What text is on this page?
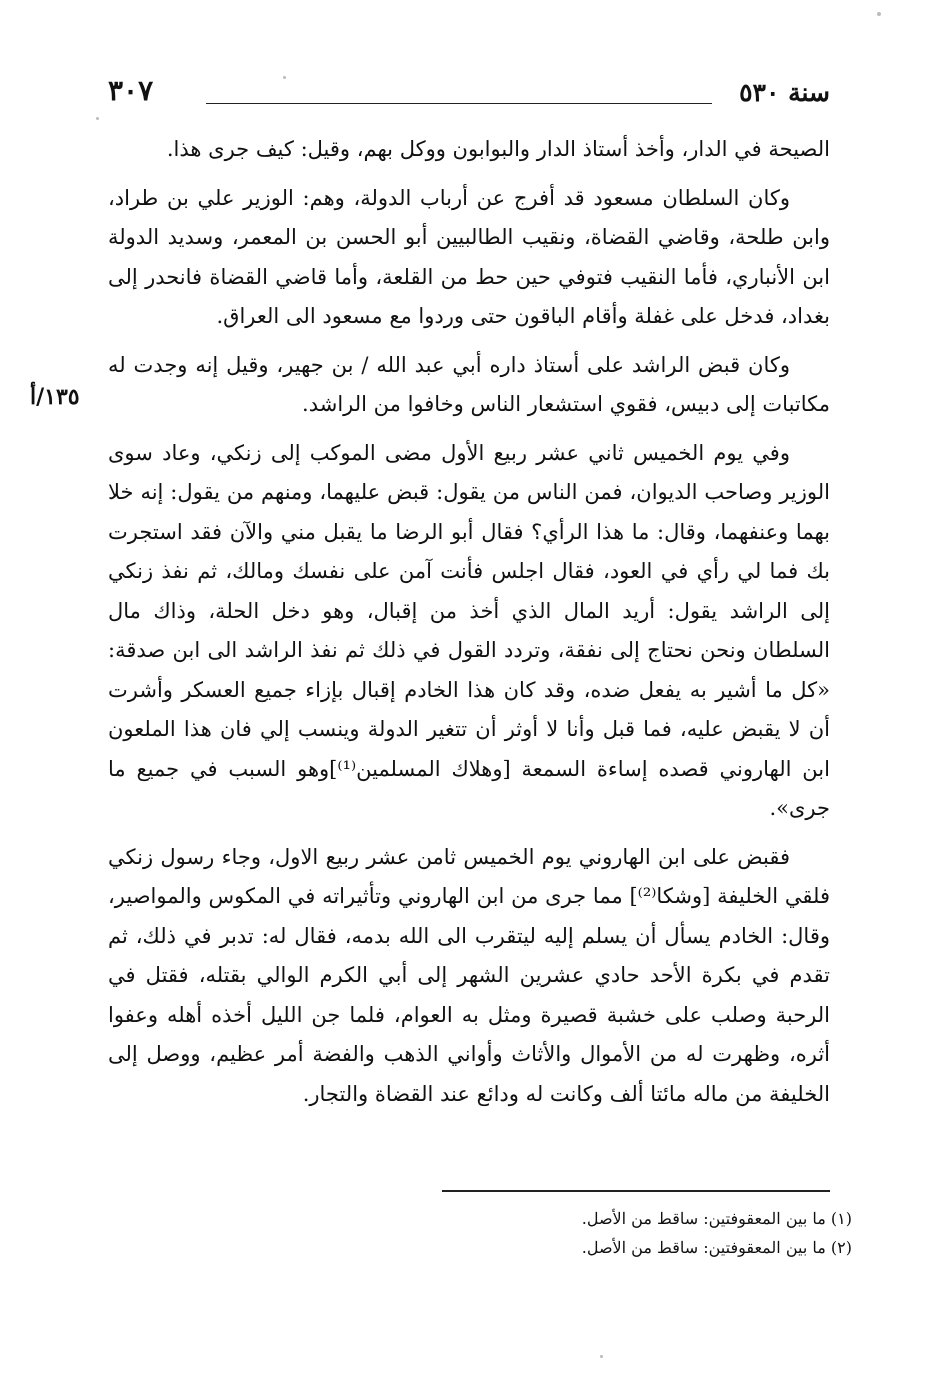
سنة ٥٣٠
٣٠٧
١٣٥/أ

الصيحة في الدار، وأخذ أستاذ الدار والبوابون ووكل بهم، وقيل: كيف جرى هذا.

وكان السلطان مسعود قد أفرج عن أرباب الدولة، وهم: الوزير علي بن طراد، وابن طلحة، وقاضي القضاة، ونقيب الطالبيين أبو الحسن بن المعمر، وسديد الدولة ابن الأنباري، فأما النقيب فتوفي حين حط من القلعة، وأما قاضي القضاة فانحدر إلى بغداد، فدخل على غفلة وأقام الباقون حتى وردوا مع مسعود الى العراق.

وكان قبض الراشد على أستاذ داره أبي عبد الله / بن جهير، وقيل إنه وجدت له مكاتبات إلى دبيس، فقوي استشعار الناس وخافوا من الراشد.

وفي يوم الخميس ثاني عشر ربيع الأول مضى الموكب إلى زنكي، وعاد سوى الوزير وصاحب الديوان، فمن الناس من يقول: قبض عليهما، ومنهم من يقول: إنه خلا بهما وعنفهما، وقال: ما هذا الرأي؟ فقال أبو الرضا ما يقبل مني والآن فقد استجرت بك فما لي رأي في العود، فقال اجلس فأنت آمن على نفسك ومالك، ثم نفذ زنكي إلى الراشد يقول: أريد المال الذي أخذ من إقبال، وهو دخل الحلة، وذاك مال السلطان ونحن نحتاج إلى نفقة، وتردد القول في ذلك ثم نفذ الراشد الى ابن صدقة: «كل ما أشير به يفعل ضده، وقد كان هذا الخادم إقبال بإزاء جميع العسكر وأشرت أن لا يقبض عليه، فما قبل وأنا لا أوثر أن تتغير الدولة وينسب إلي فان هذا الملعون ابن الهاروني قصده إساءة السمعة [وهلاك المسلمين⁽¹⁾]وهو السبب في جميع ما جرى».

فقبض على ابن الهاروني يوم الخميس ثامن عشر ربيع الاول، وجاء رسول زنكي فلقي الخليفة [وشكا⁽²⁾] مما جرى من ابن الهاروني وتأثيراته في المكوس والمواصير، وقال: الخادم يسأل أن يسلم إليه ليتقرب الى الله بدمه، فقال له: تدبر في ذلك، ثم تقدم في بكرة الأحد حادي عشرين الشهر إلى أبي الكرم الوالي بقتله، فقتل في الرحبة وصلب على خشبة قصيرة ومثل به العوام، فلما جن الليل أخذه أهله وعفوا أثره، وظهرت له من الأموال والأثاث وأواني الذهب والفضة أمر عظيم، ووصل إلى الخليفة من ماله مائتا ألف وكانت له ودائع عند القضاة والتجار.

(١) ما بين المعقوفتين: ساقط من الأصل.
(٢) ما بين المعقوفتين: ساقط من الأصل.
